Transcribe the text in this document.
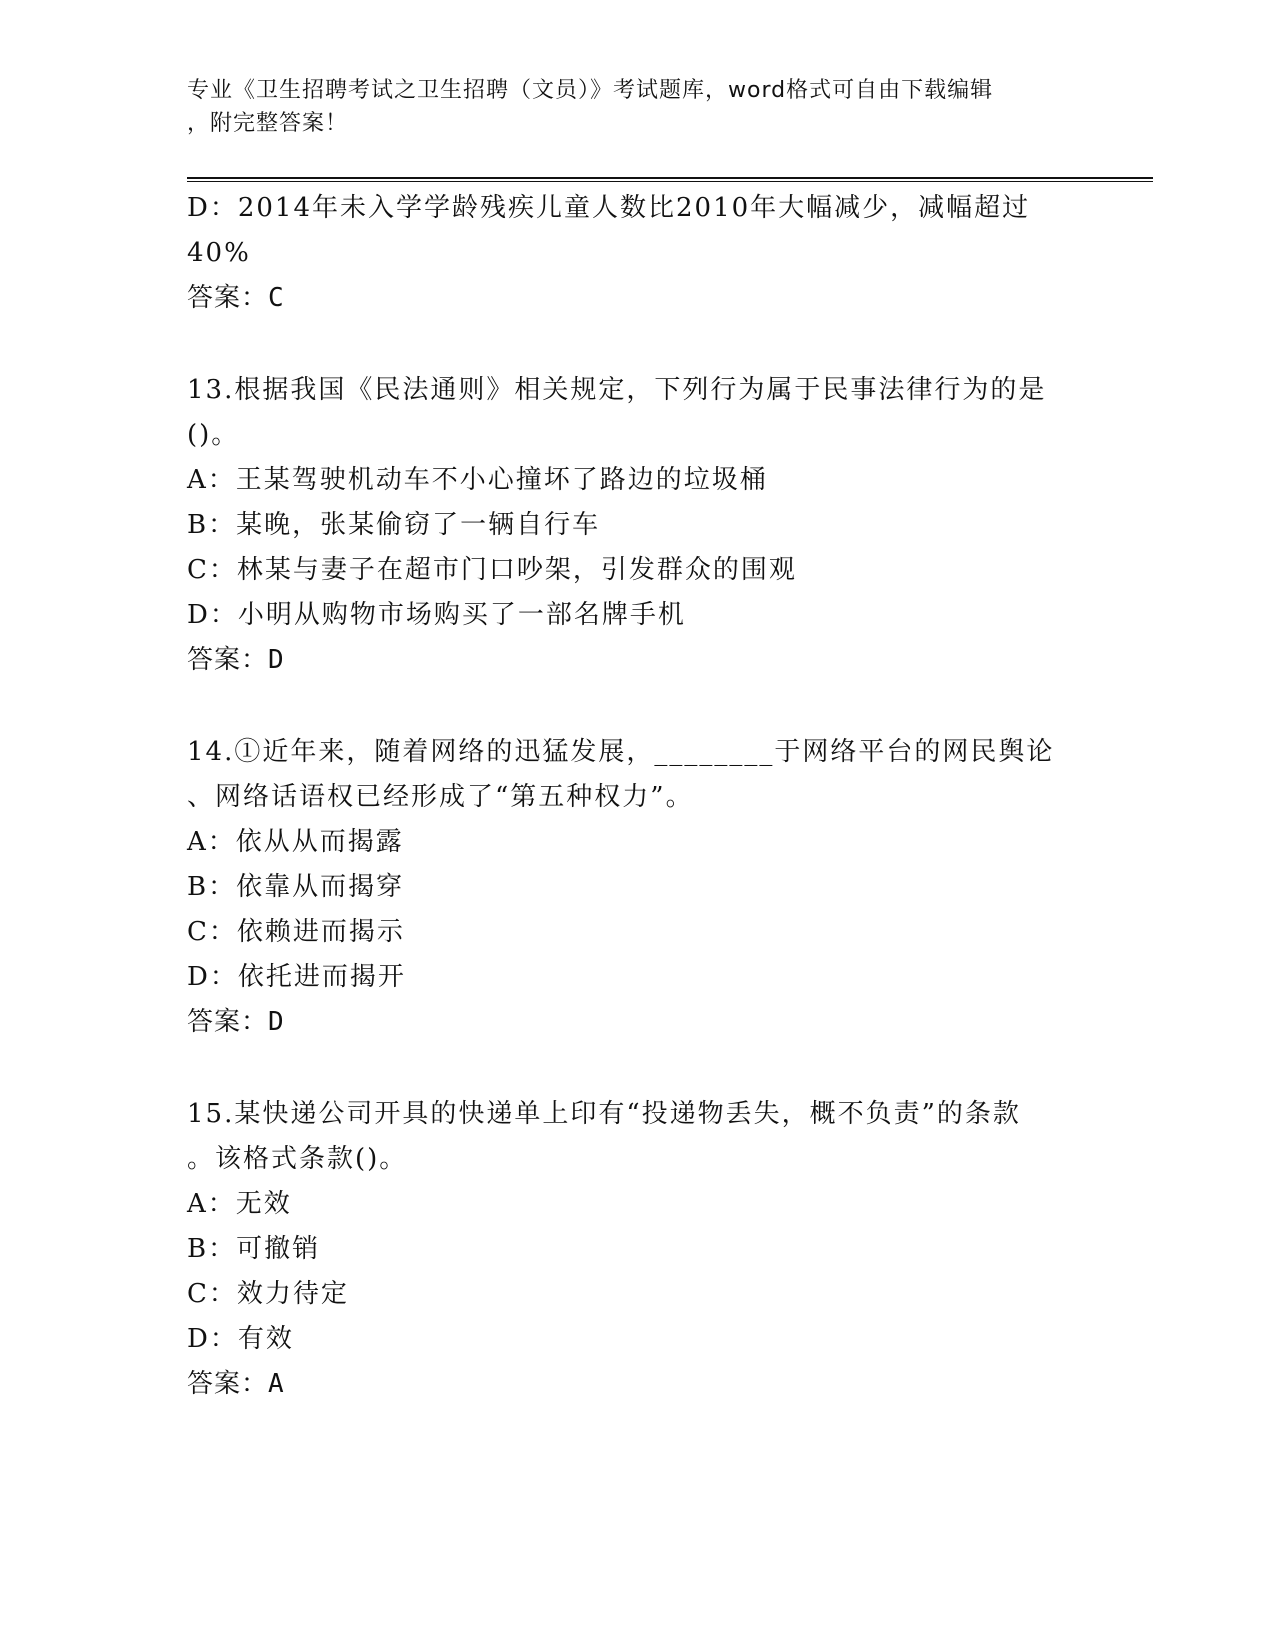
专业《卫生招聘考试之卫生招聘（文员）》考试题库，word格式可自由下载编辑
，附完整答案！
D：2014年未入学学龄残疾儿童人数比2010年大幅减少，减幅超过
40%
答案：C
13.根据我国《民法通则》相关规定，下列行为属于民事法律行为的是
()。
A：王某驾驶机动车不小心撞坏了路边的垃圾桶
B：某晚，张某偷窃了一辆自行车
C：林某与妻子在超市门口吵架，引发群众的围观
D：小明从购物市场购买了一部名牌手机
答案：D
14.①近年来，随着网络的迅猛发展，________于网络平台的网民舆论
、网络话语权已经形成了“第五种权力”。
A：依从从而揭露
B：依靠从而揭穿
C：依赖进而揭示
D：依托进而揭开
答案：D
15.某快递公司开具的快递单上印有“投递物丢失，概不负责”的条款
。该格式条款()。
A：无效
B：可撤销
C：效力待定
D：有效
答案：A
